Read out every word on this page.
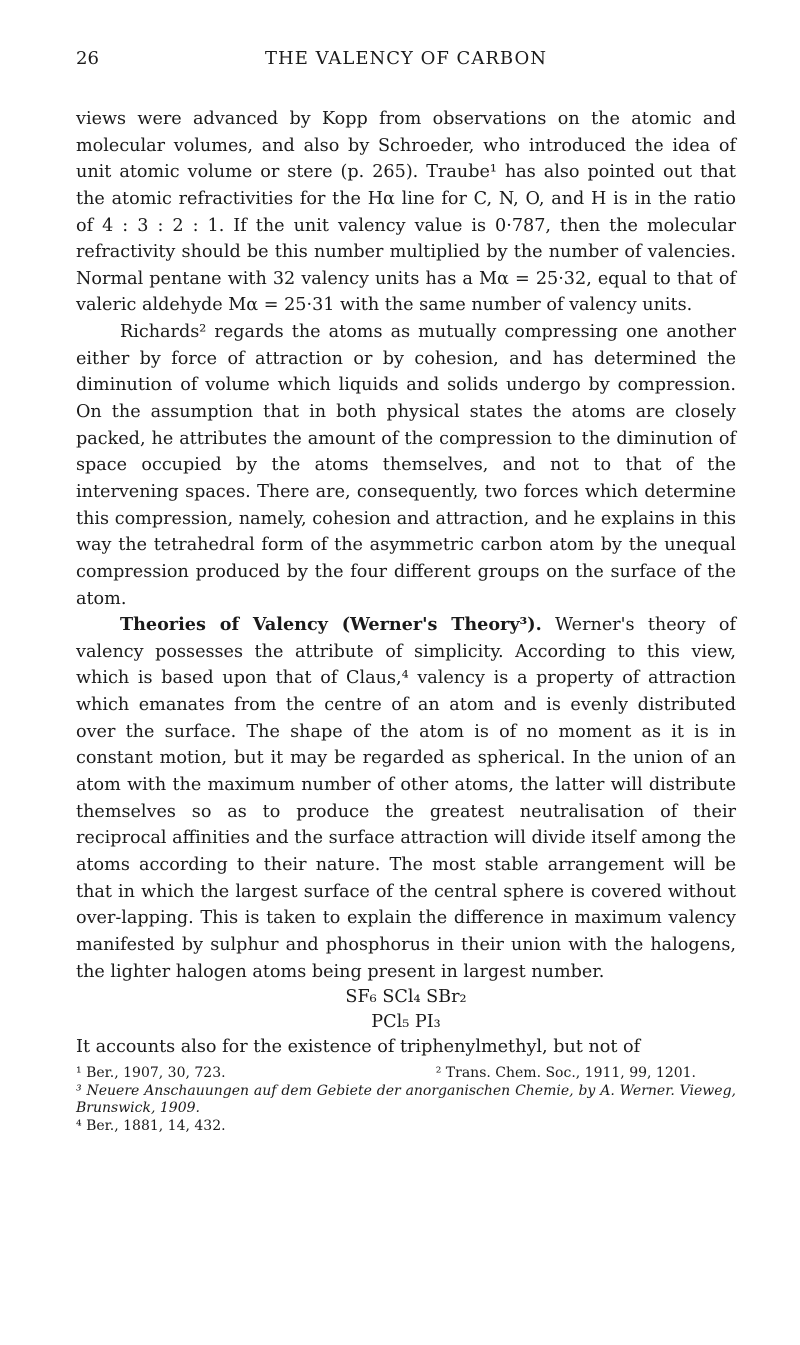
26	THE VALENCY OF CARBON

views were advanced by Kopp from observations on the atomic and molecular volumes, and also by Schroeder, who introduced the idea of unit atomic volume or stere (p. 265). Traube¹ has also pointed out that the atomic refractivities for the Hα line for C, N, O, and H is in the ratio of 4 : 3 : 2 : 1. If the unit valency value is 0·787, then the molecular refractivity should be this number multiplied by the number of valencies. Normal pentane with 32 valency units has a Mα = 25·32, equal to that of valeric aldehyde Mα = 25·31 with the same number of valency units.

Richards² regards the atoms as mutually compressing one another either by force of attraction or by cohesion, and has determined the diminution of volume which liquids and solids undergo by compression. On the assumption that in both physical states the atoms are closely packed, he attributes the amount of the compression to the diminution of space occupied by the atoms themselves, and not to that of the intervening spaces. There are, consequently, two forces which determine this compression, namely, cohesion and attraction, and he explains in this way the tetrahedral form of the asymmetric carbon atom by the unequal compression produced by the four different groups on the surface of the atom.

Theories of Valency (Werner's Theory³). Werner's theory of valency possesses the attribute of simplicity. According to this view, which is based upon that of Claus,⁴ valency is a property of attraction which emanates from the centre of an atom and is evenly distributed over the surface. The shape of the atom is of no moment as it is in constant motion, but it may be regarded as spherical. In the union of an atom with the maximum number of other atoms, the latter will distribute themselves so as to produce the greatest neutralisation of their reciprocal affinities and the surface attraction will divide itself among the atoms according to their nature. The most stable arrangement will be that in which the largest surface of the central sphere is covered without over-lapping. This is taken to explain the difference in maximum valency manifested by sulphur and phosphorus in their union with the halogens, the lighter halogen atoms being present in largest number.

SF₆ SCl₄ SBr₂

PCl₅ PI₃

It accounts also for the existence of triphenylmethyl, but not of

¹ Ber., 1907, 30, 723.	² Trans. Chem. Soc., 1911, 99, 1201.

³ Neuere Anschauungen auf dem Gebiete der anorganischen Chemie, by A. Werner. Vieweg, Brunswick, 1909.

⁴ Ber., 1881, 14, 432.
